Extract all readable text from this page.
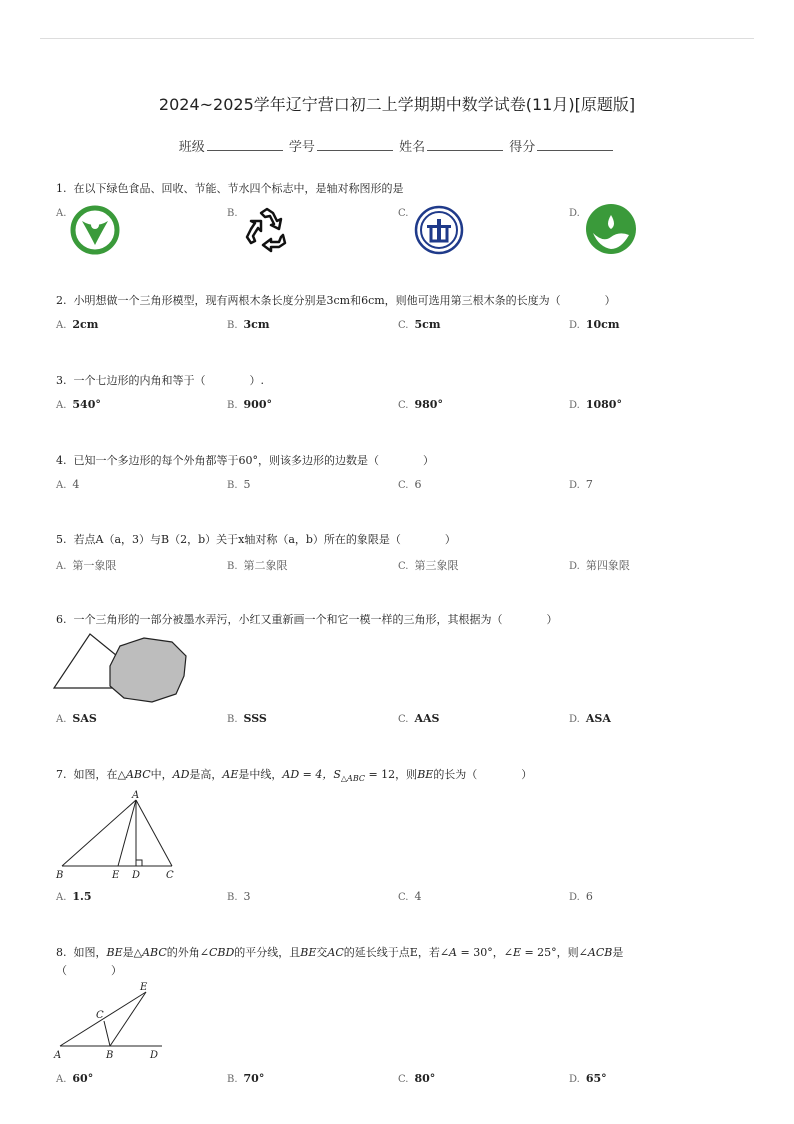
2024~2025学年辽宁营口初二上学期期中数学试卷(11月)[原题版]
班级	学号	姓名	得分
1. 在以下绿色食品、回收、节能、节水四个标志中，是轴对称图形的是
A.	B.	C.	D.
2. 小明想做一个三角形模型，现有两根木条长度分别是3cm和6cm，则他可选用第三根木条的长度为（　　　　）
A. 2cm	B. 3cm	C. 5cm	D. 10cm
3. 一个七边形的内角和等于（　　　　）.
A. 540°	B. 900°	C. 980°	D. 1080°
4. 已知一个多边形的每个外角都等于60°，则该多边形的边数是（　　　　）
A. 4	B. 5	C. 6	D. 7
5. 若点A（a，3）与B（2，b）关于x轴对称（a，b）所在的象限是（　　　　）
A. 第一象限	B. 第二象限	C. 第三象限	D. 第四象限
6. 一个三角形的一部分被墨水弄污，小红又重新画一个和它一模一样的三角形，其根据为（　　　　）
A. SAS	B. SSS	C. AAS	D. ASA
7. 如图，在△ABC中，AD是高，AE是中线，AD = 4，$S_{\triangle ABC} = 12$，则BE的长为（　　　　）
A
B	E D	C
A. 1.5	B. 3	C. 4	D. 6
8. 如图，BE是△ABC的外角∠CBD的平分线，且BE交AC的延长线于点E，若∠A = 30°，∠E = 25°，则∠ACB是
（　　　　）
A	B	D
C
E
A. 60°	B. 70°	C. 80°	D. 65°
